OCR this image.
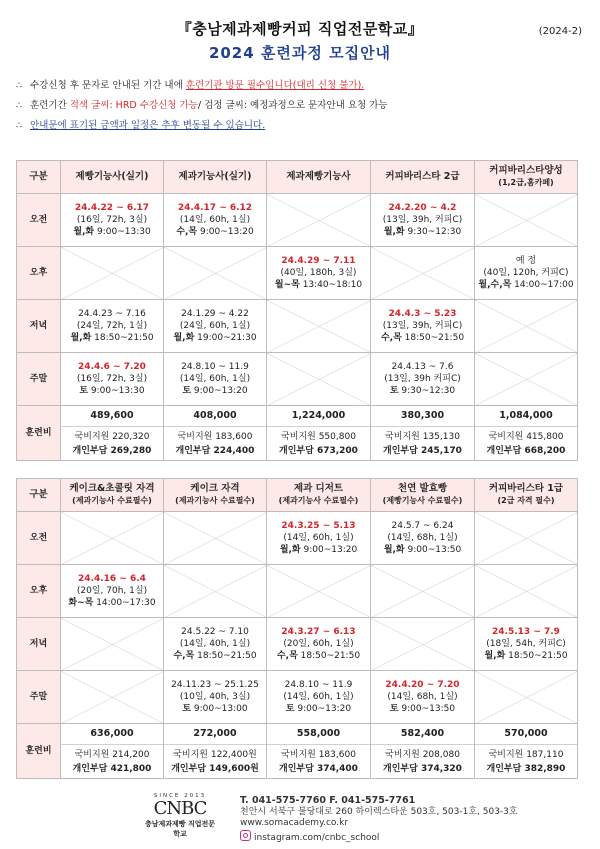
『충남제과제빵커피 직업전문학교』
2024 훈련과정 모집안내
(2024-2)
∴ 수강신청 후 문자로 안내된 기간 내에 훈련기관 방문 필수입니다(대리 신청 불가).
∴ 훈련기간 적색 글씨: HRD 수강신청 가능/ 검정 글씨: 예정과정으로 문자안내 요청 가능
∴ 안내문에 표기된 금액과 일정은 추후 변동될 수 있습니다.
구분	제빵기능사(실기)	제과기능사(실기)	제과제빵기능사	커피바리스타 2급	커피바리스타양성
(1,2급,홈카페)

오전	24.4.22 ~ 6.17
(16일, 72h, 3실)
월,화 9:00~13:30	24.4.17 ~ 6.12
(14일, 60h, 1실)
수,목 9:00~13:20		24.2.20 ~ 4.2
(13일, 39h, 커피C)
월,화 9:30~12:30	

오후			24.4.29 ~ 7.11
(40일, 180h, 3실)
월~목 13:40~18:10		예 정
(40일, 120h, 커피C)
월,수,목 14:00~17:00

저녁	24.4.23 ~ 7.16
(24일, 72h, 1실)
월,화 18:50~21:50	24.1.29 ~ 4.22
(24일, 60h, 1실)
월,화 19:00~21:30		24.4.3 ~ 5.23
(13일, 39h, 커피C)
수,목 18:50~21:50	

주말	24.4.6 ~ 7.20
(16일, 72h, 3실)
토 9:00~13:30	24.8.10 ~ 11.9
(14일, 60h, 1실)
토 9:00~13:20		24.4.13 ~ 7.6
(13일, 39h 커피C)
토 9:30~12:30	

훈련비	489,600
국비지원 220,320
개인부담 269,280	408,000
국비지원 183,600
개인부담 224,400	1,224,000
국비지원 550,800
개인부담 673,200	380,300
국비지원 135,130
개인부담 245,170	1,084,000
국비지원 415,800
개인부담 668,200
구분	케이크&초콜릿 자격
(제과기능사 수료필수)	케이크 자격
(제과기능사 수료필수)	제과 디저트
(제과기능사 수료필수)	천연 발효빵
(제빵기능사 수료필수)	커피바리스타 1급
(2급 자격 필수)

오전			24.3.25 ~ 5.13
(14일, 60h, 1실)
월,화 9:00~13:20	24.5.7 ~ 6.24
(14일, 68h, 1실)
월,화 9:00~13:50	

오후	24.4.16 ~ 6.4
(20일, 70h, 1실)
화~목 14:00~17:30				

저녁		24.5.22 ~ 7.10
(14일, 40h, 1실)
수,목 18:50~21:50	24.3.27 ~ 6.13
(20일, 60h, 1실)
수,목 18:50~21:50		24.5.13 ~ 7.9
(18일, 54h, 커피C)
월,화 18:50~21:50

주말		24.11.23 ~ 25.1.25
(10일, 40h, 3실)
토 9:00~13:00	24.8.10 ~ 11.9
(14일, 60h, 1실)
토 9:00~13:20	24.4.20 ~ 7.20
(14일, 68h, 1실)
토 9:00~13:50	

훈련비	636,000
국비지원 214,200
개인부담 421,800	272,000
국비지원 122,400원
개인부담 149,600원	558,000
국비지원 183,600
개인부담 374,400	582,400
국비지원 208,080
개인부담 374,320	570,000
국비지원 187,110
개인부담 382,890
SINCE 2013
CNBC
충남제과제빵 직업전문학교
T. 041-575-7760 F. 041-575-7761
천안시 서북구 불당대로 260 하이렉스타운 503호, 503-1호, 503-3호
www.somacademy.co.kr
instagram.com/cnbc_school
